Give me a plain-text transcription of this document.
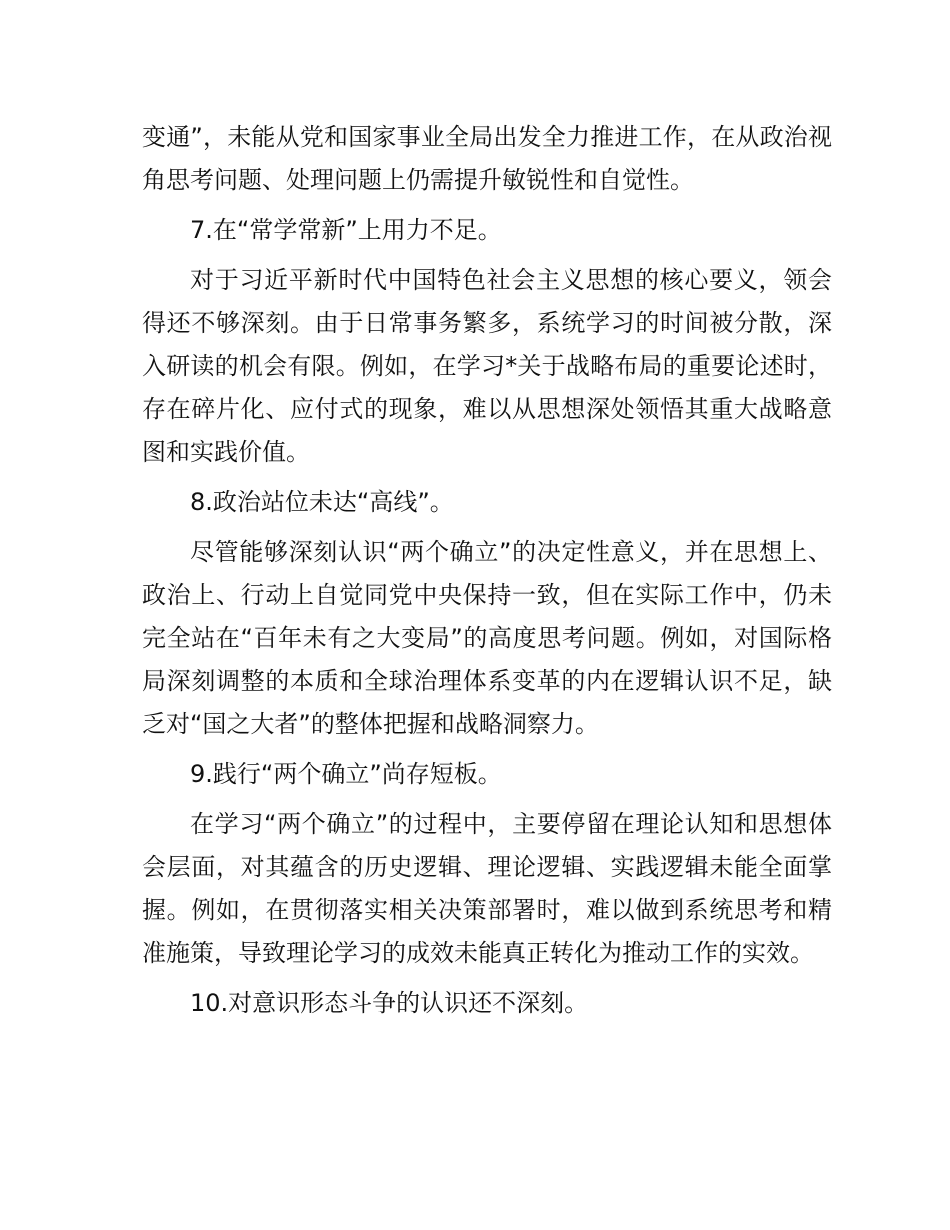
变通”，未能从党和国家事业全局出发全力推进工作，在从政治视角思考问题、处理问题上仍需提升敏锐性和自觉性。

7.在“常学常新”上用力不足。

对于习近平新时代中国特色社会主义思想的核心要义，领会得还不够深刻。由于日常事务繁多，系统学习的时间被分散，深入研读的机会有限。例如，在学习*关于战略布局的重要论述时，存在碎片化、应付式的现象，难以从思想深处领悟其重大战略意图和实践价值。

8.政治站位未达“高线”。

尽管能够深刻认识“两个确立”的决定性意义，并在思想上、政治上、行动上自觉同党中央保持一致，但在实际工作中，仍未完全站在“百年未有之大变局”的高度思考问题。例如，对国际格局深刻调整的本质和全球治理体系变革的内在逻辑认识不足，缺乏对“国之大者”的整体把握和战略洞察力。

9.践行“两个确立”尚存短板。

在学习“两个确立”的过程中，主要停留在理论认知和思想体会层面，对其蕴含的历史逻辑、理论逻辑、实践逻辑未能全面掌握。例如，在贯彻落实相关决策部署时，难以做到系统思考和精准施策，导致理论学习的成效未能真正转化为推动工作的实效。

10.对意识形态斗争的认识还不深刻。
